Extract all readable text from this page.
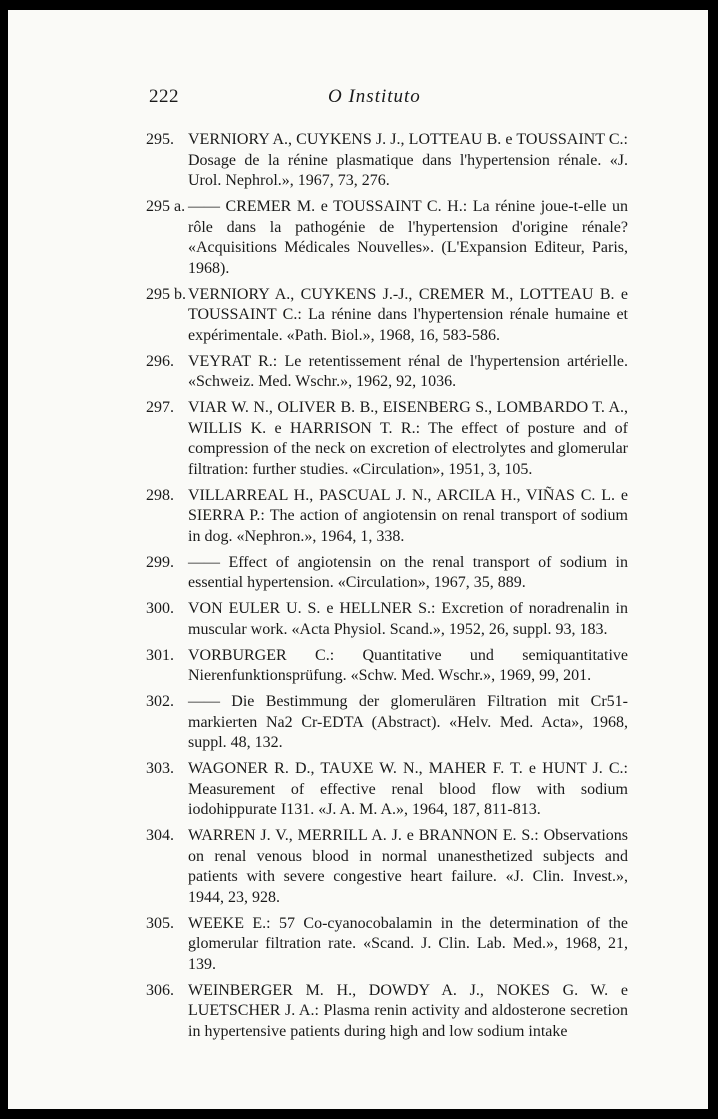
222	O Instituto
295. VERNIORY A., CUYKENS J. J., LOTTEAU B. e TOUSSAINT C.: Dosage de la rénine plasmatique dans l'hypertension rénale. «J. Urol. Nephrol.», 1967, 73, 276.
295 a. —— CREMER M. e TOUSSAINT C. H.: La rénine joue-t-elle un rôle dans la pathogénie de l'hypertension d'origine rénale? «Acquisitions Médicales Nouvelles». (L'Expansion Editeur, Paris, 1968).
295 b. VERNIORY A., CUYKENS J.-J., CREMER M., LOTTEAU B. e TOUSSAINT C.: La rénine dans l'hypertension rénale humaine et expérimentale. «Path. Biol.», 1968, 16, 583-586.
296. VEYRAT R.: Le retentissement rénal de l'hypertension artérielle. «Schweiz. Med. Wschr.», 1962, 92, 1036.
297. VIAR W. N., OLIVER B. B., EISENBERG S., LOMBARDO T. A., WILLIS K. e HARRISON T. R.: The effect of posture and of compression of the neck on excretion of electrolytes and glomerular filtration: further studies. «Circulation», 1951, 3, 105.
298. VILLARREAL H., PASCUAL J. N., ARCILA H., VIÑAS C. L. e SIERRA P.: The action of angiotensin on renal transport of sodium in dog. «Nephron.», 1964, 1, 338.
299. —— Effect of angiotensin on the renal transport of sodium in essential hypertension. «Circulation», 1967, 35, 889.
300. VON EULER U. S. e HELLNER S.: Excretion of noradrenalin in muscular work. «Acta Physiol. Scand.», 1952, 26, suppl. 93, 183.
301. VORBURGER C.: Quantitative und semiquantitative Nierenfunktionsprüfung. «Schw. Med. Wschr.», 1969, 99, 201.
302. —— Die Bestimmung der glomerulären Filtration mit Cr51-markierten Na2 Cr-EDTA (Abstract). «Helv. Med. Acta», 1968, suppl. 48, 132.
303. WAGONER R. D., TAUXE W. N., MAHER F. T. e HUNT J. C.: Measurement of effective renal blood flow with sodium iodohippurate I131. «J. A. M. A.», 1964, 187, 811-813.
304. WARREN J. V., MERRILL A. J. e BRANNON E. S.: Observations on renal venous blood in normal unanesthetized subjects and patients with severe congestive heart failure. «J. Clin. Invest.», 1944, 23, 928.
305. WEEKE E.: 57 Co-cyanocobalamin in the determination of the glomerular filtration rate. «Scand. J. Clin. Lab. Med.», 1968, 21, 139.
306. WEINBERGER M. H., DOWDY A. J., NOKES G. W. e LUETSCHER J. A.: Plasma renin activity and aldosterone secretion in hypertensive patients during high and low sodium intake
